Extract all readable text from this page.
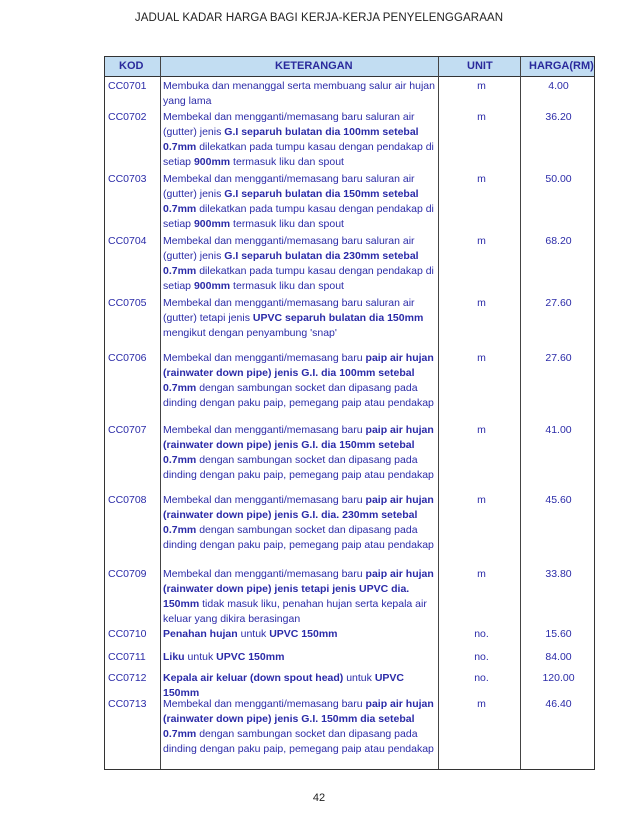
JADUAL KADAR HARGA BAGI KERJA-KERJA PENYELENGGARAAN
KOD	KETERANGAN	UNIT	HARGA(RM)
CC0701 Membuka dan menanggal serta membuang salur air hujan
yang lama
m	4.00
CC0702 Membekal dan mengganti/memasang baru saluran air
(gutter) jenis G.I separuh bulatan dia 100mm setebal
0.7mm dilekatkan pada tumpu kasau dengan pendakap di
setiap 900mm termasuk liku dan spout
m	36.20
CC0703 Membekal dan mengganti/memasang baru saluran air
(gutter) jenis G.I separuh bulatan dia 150mm setebal
0.7mm dilekatkan pada tumpu kasau dengan pendakap di
setiap 900mm termasuk liku dan spout
m	50.00
CC0704 Membekal dan mengganti/memasang baru saluran air
(gutter) jenis G.I separuh bulatan dia 230mm setebal
0.7mm dilekatkan pada tumpu kasau dengan pendakap di
setiap 900mm termasuk liku dan spout
m	68.20
CC0705 Membekal dan mengganti/memasang baru saluran air
(gutter) tetapi jenis UPVC separuh bulatan dia 150mm
mengikut dengan penyambung 'snap'
m	27.60
CC0706 Membekal dan mengganti/memasang baru paip air hujan
(rainwater down pipe) jenis G.I. dia 100mm setebal
0.7mm dengan sambungan socket dan dipasang pada
dinding dengan paku paip, pemegang paip atau pendakap
m	27.60
CC0707 Membekal dan mengganti/memasang baru paip air hujan
(rainwater down pipe) jenis G.I. dia 150mm setebal
0.7mm dengan sambungan socket dan dipasang pada
dinding dengan paku paip, pemegang paip atau pendakap
m	41.00
CC0708 Membekal dan mengganti/memasang baru paip air hujan
(rainwater down pipe) jenis G.I. dia. 230mm setebal
0.7mm dengan sambungan socket dan dipasang pada
dinding dengan paku paip, pemegang paip atau pendakap
m	45.60
CC0709 Membekal dan mengganti/memasang baru paip air hujan
(rainwater down pipe) jenis tetapi jenis UPVC dia.
150mm tidak masuk liku, penahan hujan serta kepala air
keluar yang dikira berasingan
m	33.80
CC0710 Penahan hujan untuk UPVC 150mm	no.	15.60
CC0711 Liku untuk UPVC 150mm	no.	84.00
CC0712 Kepala air keluar (down spout head) untuk UPVC
150mm
no.	120.00
CC0713 Membekal dan mengganti/memasang baru paip air hujan
(rainwater down pipe) jenis G.I. 150mm dia setebal
0.7mm dengan sambungan socket dan dipasang pada
dinding dengan paku paip, pemegang paip atau pendakap
m	46.40
42
